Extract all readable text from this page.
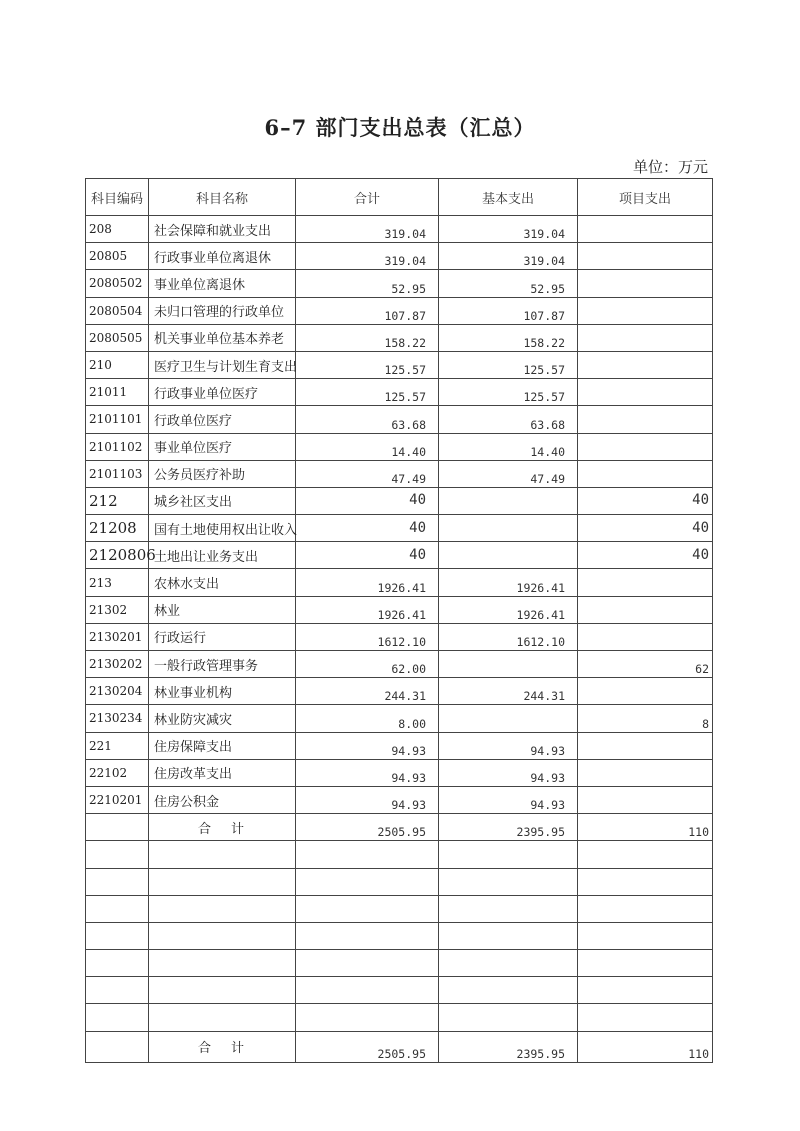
6–7 部门支出总表（汇总）
单位：万元
科目编码	科目名称	合计	基本支出	项目支出
208	社会保障和就业支出	319.04	319.04	
20805	行政事业单位离退休	319.04	319.04	
2080502	事业单位离退休	52.95	52.95	
2080504	未归口管理的行政单位	107.87	107.87	
2080505	机关事业单位基本养老	158.22	158.22	
210	医疗卫生与计划生育支出	125.57	125.57	
21011	行政事业单位医疗	125.57	125.57	
2101101	行政单位医疗	63.68	63.68	
2101102	事业单位医疗	14.40	14.40	
2101103	公务员医疗补助	47.49	47.49	
212	城乡社区支出	40		40
21208	国有土地使用权出让收入	40		40
2120806	土地出让业务支出	40		40
213	农林水支出	1926.41	1926.41	
21302	林业	1926.41	1926.41	
2130201	行政运行	1612.10	1612.10	
2130202	一般行政管理事务	62.00		62
2130204	林业事业机构	244.31	244.31	
2130234	林业防灾减灾	8.00		8
221	住房保障支出	94.93	94.93	
22102	住房改革支出	94.93	94.93	
2210201	住房公积金	94.93	94.93	
	合 计	2505.95	2395.95	110

	合 计	2505.95	2395.95	110
